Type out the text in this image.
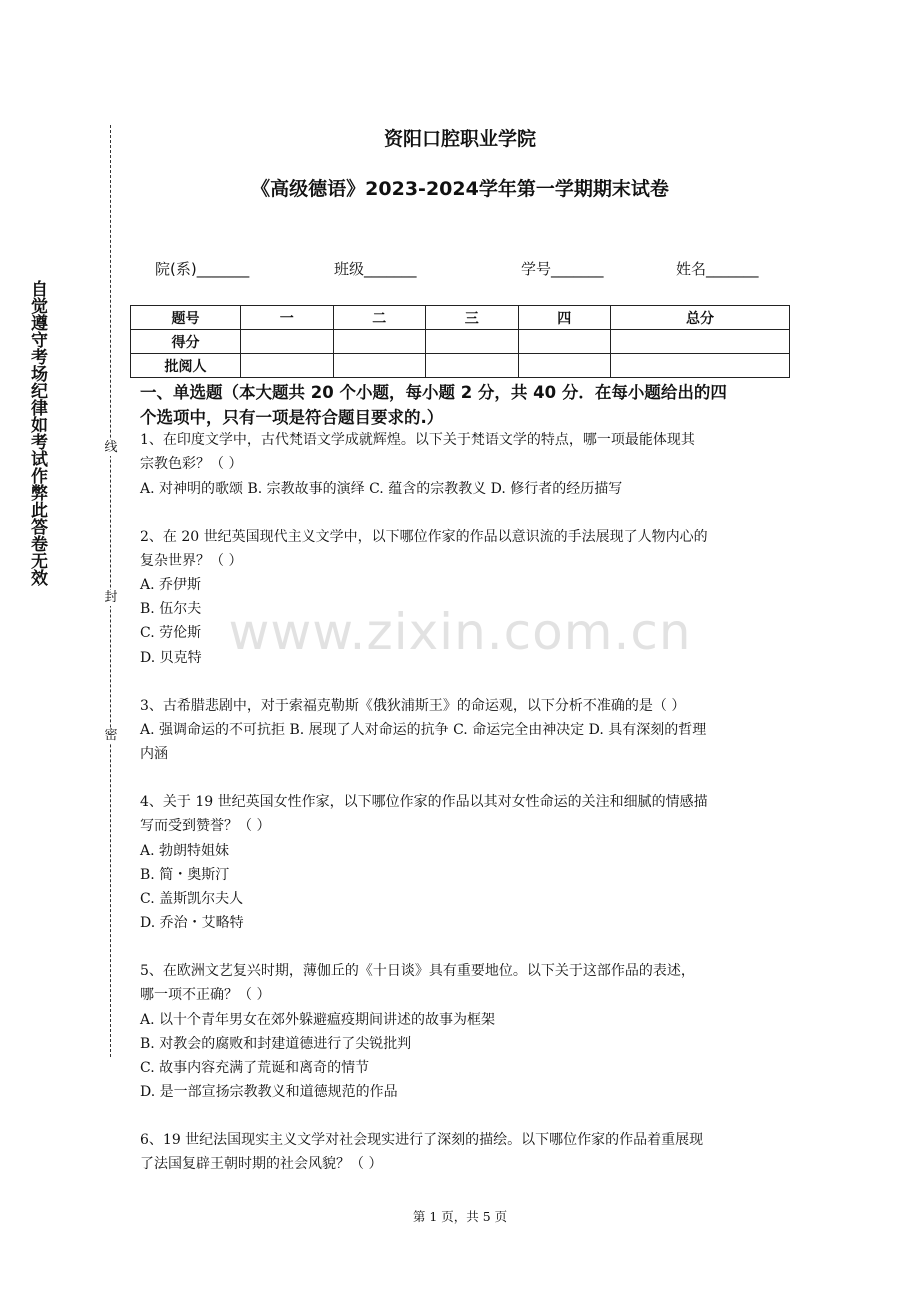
自觉遵守考场纪律如考试作弊此答卷无效	线
封
密
资阳口腔职业学院
《高级德语》2023-2024学年第一学期期末试卷
院(系)_______	班级_______	学号_______	姓名_______
题号	一	二	三	四	总分
得分					
批阅人					
一、单选题（本大题共 20 个小题，每小题 2 分，共 40 分．在每小题给出的四
个选项中，只有一项是符合题目要求的.）
1、在印度文学中，古代梵语文学成就辉煌。以下关于梵语文学的特点，哪一项最能体现其
宗教色彩？（ ）
A. 对神明的歌颂 B. 宗教故事的演绎 C. 蕴含的宗教教义 D. 修行者的经历描写
2、在 20 世纪英国现代主义文学中，以下哪位作家的作品以意识流的手法展现了人物内心的
复杂世界？（ ）
A. 乔伊斯
B. 伍尔夫
C. 劳伦斯
D. 贝克特
3、古希腊悲剧中，对于索福克勒斯《俄狄浦斯王》的命运观，以下分析不准确的是（ ）
A. 强调命运的不可抗拒 B. 展现了人对命运的抗争 C. 命运完全由神决定 D. 具有深刻的哲理
内涵
4、关于 19 世纪英国女性作家，以下哪位作家的作品以其对女性命运的关注和细腻的情感描
写而受到赞誉？（ ）
A. 勃朗特姐妹
B. 简・奥斯汀
C. 盖斯凯尔夫人
D. 乔治・艾略特
5、在欧洲文艺复兴时期，薄伽丘的《十日谈》具有重要地位。以下关于这部作品的表述，
哪一项不正确？（ ）
A. 以十个青年男女在郊外躲避瘟疫期间讲述的故事为框架
B. 对教会的腐败和封建道德进行了尖锐批判
C. 故事内容充满了荒诞和离奇的情节
D. 是一部宣扬宗教教义和道德规范的作品
6、19 世纪法国现实主义文学对社会现实进行了深刻的描绘。以下哪位作家的作品着重展现
了法国复辟王朝时期的社会风貌？（ ）
www.zixin.com.cn
第 1 页，共 5 页
